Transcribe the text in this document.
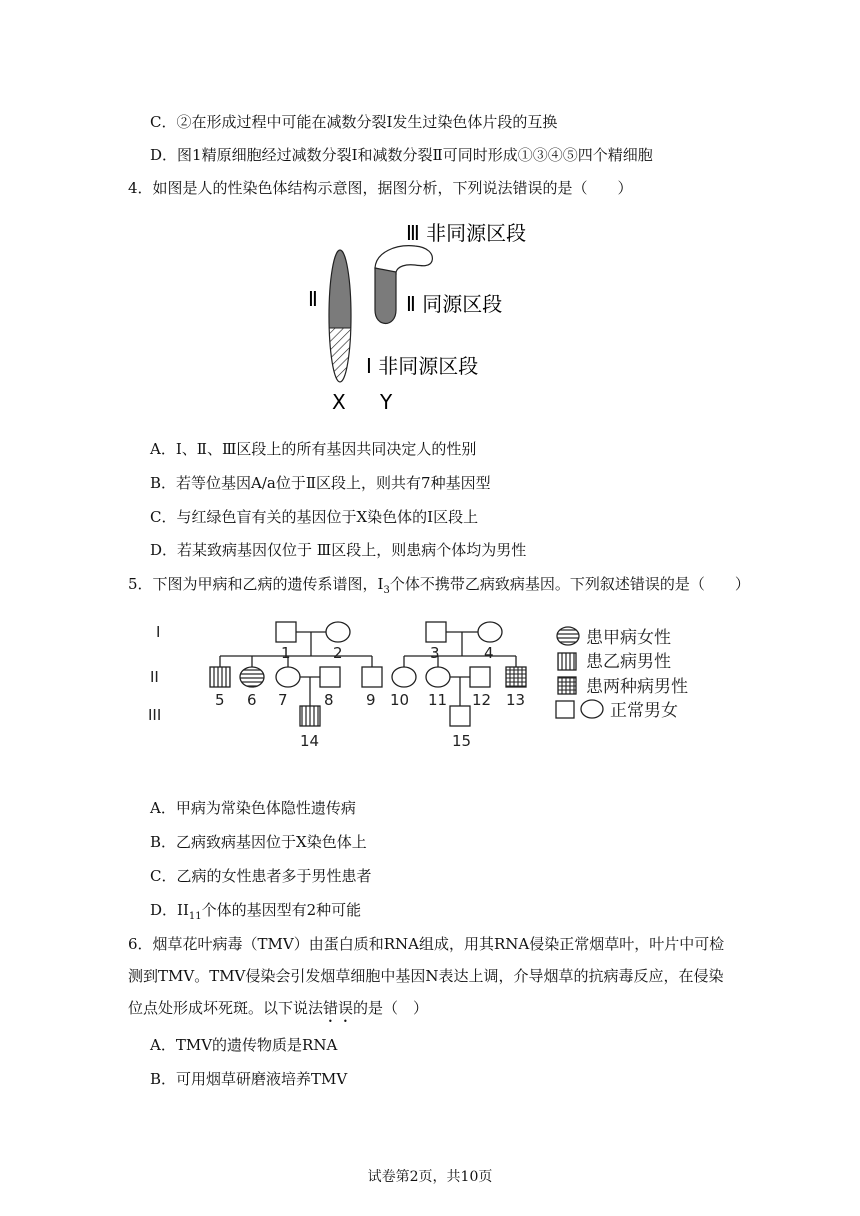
C．②在形成过程中可能在减数分裂Ⅰ发生过染色体片段的互换
D．图1精原细胞经过减数分裂Ⅰ和减数分裂Ⅱ可同时形成①③④⑤四个精细胞
4．如图是人的性染色体结构示意图，据图分析，下列说法错误的是（　　）
Ⅲ 非同源区段
Ⅱ	Ⅱ 同源区段
Ⅰ 非同源区段
X Y
A．Ⅰ、Ⅱ、Ⅲ区段上的所有基因共同决定人的性别
B．若等位基因A/a位于Ⅱ区段上，则共有7种基因型
C．与红绿色盲有关的基因位于X染色体的Ⅰ区段上
D．若某致病基因仅位于 Ⅲ区段上，则患病个体均为男性
5．下图为甲病和乙病的遗传系谱图，$I_3$个体不携带乙病致病基因。下列叙述错误的是（　　）
I
II
III
1	2	3	4
5 6 7 8 9 10 11 12 13
14	15
患甲病女性
患乙病男性
患两种病男性
正常男女
A．甲病为常染色体隐性遗传病
B．乙病致病基因位于X染色体上
C．乙病的女性患者多于男性患者
D．$II_{11}$个体的基因型有2种可能
6．烟草花叶病毒（TMV）由蛋白质和RNA组成，用其RNA侵染正常烟草叶，叶片中可检测到TMV。TMV侵染会引发烟草细胞中基因N表达上调，介导烟草的抗病毒反应，在侵染位点处形成坏死斑。以下说法错误的是（　）
A．TMV的遗传物质是RNA
B．可用烟草研磨液培养TMV
试卷第2页，共10页
